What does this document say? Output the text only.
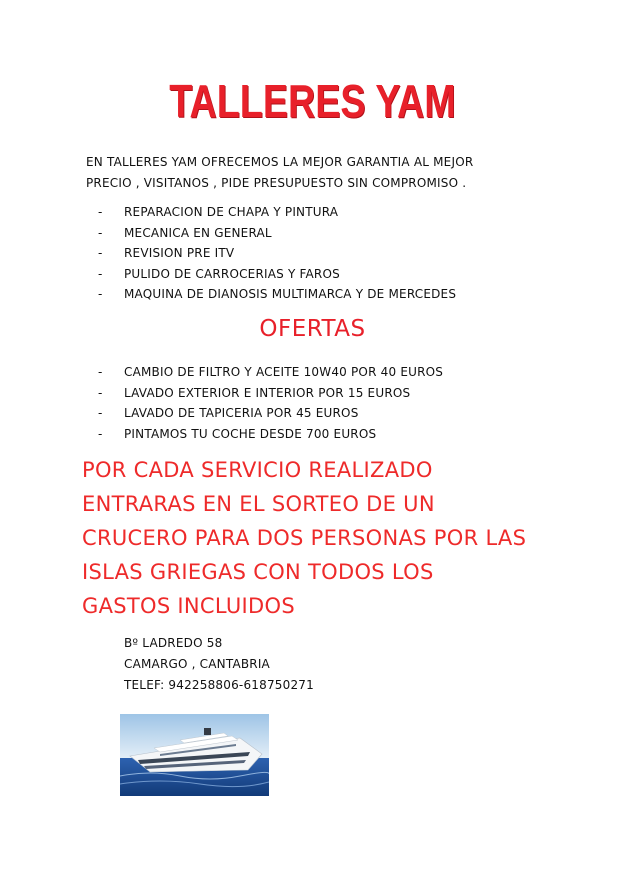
TALLERES YAM
EN TALLERES YAM OFRECEMOS LA MEJOR GARANTIA AL MEJOR
PRECIO , VISITANOS , PIDE PRESUPUESTO SIN COMPROMISO .
-	REPARACION DE CHAPA Y PINTURA
-	MECANICA EN GENERAL
-	REVISION PRE ITV
-	PULIDO DE CARROCERIAS Y FAROS
-	MAQUINA DE DIANOSIS MULTIMARCA Y DE MERCEDES
OFERTAS
-	CAMBIO DE FILTRO Y ACEITE 10W40 POR 40 EUROS
-	LAVADO EXTERIOR E INTERIOR POR 15 EUROS
-	LAVADO DE TAPICERIA POR 45 EUROS
-	PINTAMOS TU COCHE DESDE 700 EUROS

POR CADA SERVICIO REALIZADO

ENTRARAS EN EL SORTEO DE UN

CRUCERO PARA DOS PERSONAS POR LAS

ISLAS GRIEGAS CON TODOS LOS

GASTOS INCLUIDOS

Bº LADREDO 58

CAMARGO , CANTABRIA

TELEF: 942258806-618750271
